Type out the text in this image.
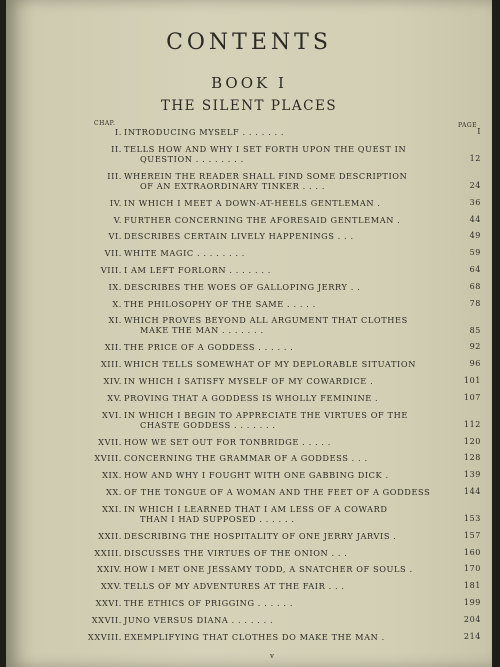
CONTENTS
BOOK I
THE SILENT PLACES
CHAP.	PAGE
I. INTRODUCING MYSELF . . . . . . .	I
II. TELLS HOW AND WHY I SET FORTH UPON THE QUEST IN
QUESTION . . . . . . . .	12
III. WHEREIN THE READER SHALL FIND SOME DESCRIPTION
OF AN EXTRAORDINARY TINKER . . . .	24
IV. IN WHICH I MEET A DOWN-AT-HEELS GENTLEMAN .	36
V. FURTHER CONCERNING THE AFORESAID GENTLEMAN .	44
VI. DESCRIBES CERTAIN LIVELY HAPPENINGS . . .	49
VII. WHITE MAGIC . . . . . . . .	59
VIII. I AM LEFT FORLORN . . . . . . .	64
IX. DESCRIBES THE WOES OF GALLOPING JERRY . .	68
X. THE PHILOSOPHY OF THE SAME . . . . .	78
XI. WHICH PROVES BEYOND ALL ARGUMENT THAT CLOTHES
MAKE THE MAN . . . . . . .	85
XII. THE PRICE OF A GODDESS . . . . . .	92
XIII. WHICH TELLS SOMEWHAT OF MY DEPLORABLE SITUATION	96
XIV. IN WHICH I SATISFY MYSELF OF MY COWARDICE .	101
XV. PROVING THAT A GODDESS IS WHOLLY FEMININE .	107
XVI. IN WHICH I BEGIN TO APPRECIATE THE VIRTUES OF THE
CHASTE GODDESS . . . . . . .	112
XVII. HOW WE SET OUT FOR TONBRIDGE . . . . .	120
XVIII. CONCERNING THE GRAMMAR OF A GODDESS . . .	128
XIX. HOW AND WHY I FOUGHT WITH ONE GABBING DICK .	139
XX. OF THE TONGUE OF A WOMAN AND THE FEET OF A GODDESS	144
XXI. IN WHICH I LEARNED THAT I AM LESS OF A COWARD
THAN I HAD SUPPOSED . . . . . .	153
XXII. DESCRIBING THE HOSPITALITY OF ONE JERRY JARVIS .	157
XXIII. DISCUSSES THE VIRTUES OF THE ONION . . .	160
XXIV. HOW I MET ONE JESSAMY TODD, A SNATCHER OF SOULS .	170
XXV. TELLS OF MY ADVENTURES AT THE FAIR . . .	181
XXVI. THE ETHICS OF PRIGGING . . . . . .	199
XXVII. JUNO VERSUS DIANA . . . . . . .	204
XXVIII. EXEMPLIFYING THAT CLOTHES DO MAKE THE MAN .	214
v
